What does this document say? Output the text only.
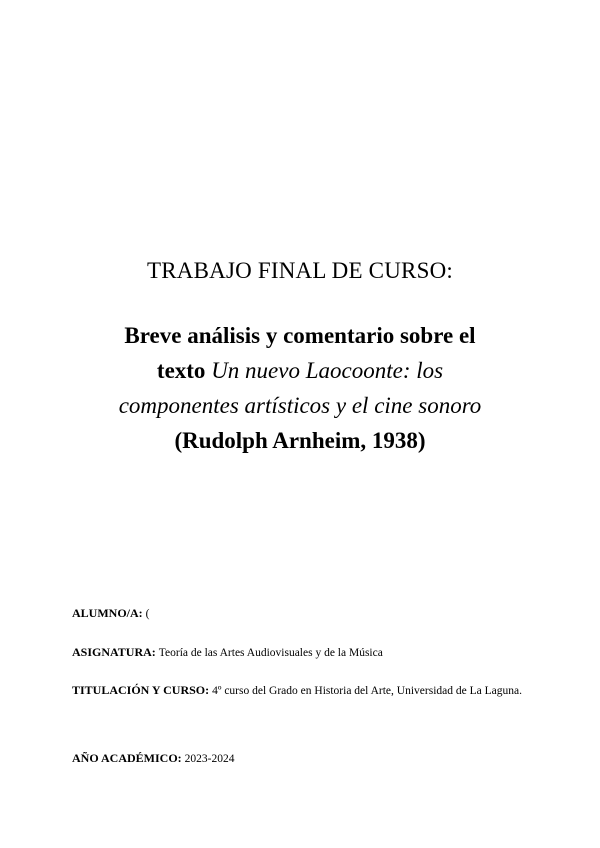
TRABAJO FINAL DE CURSO:
Breve análisis y comentario sobre el
texto Un nuevo Laocoonte: los
componentes artísticos y el cine sonoro
(Rudolph Arnheim, 1938)
ALUMNO/A: (
ASIGNATURA: Teoría de las Artes Audiovisuales y de la Música
TITULACIÓN Y CURSO: 4º curso del Grado en Historia del Arte, Universidad de La Laguna.
AÑO ACADÉMICO: 2023-2024
